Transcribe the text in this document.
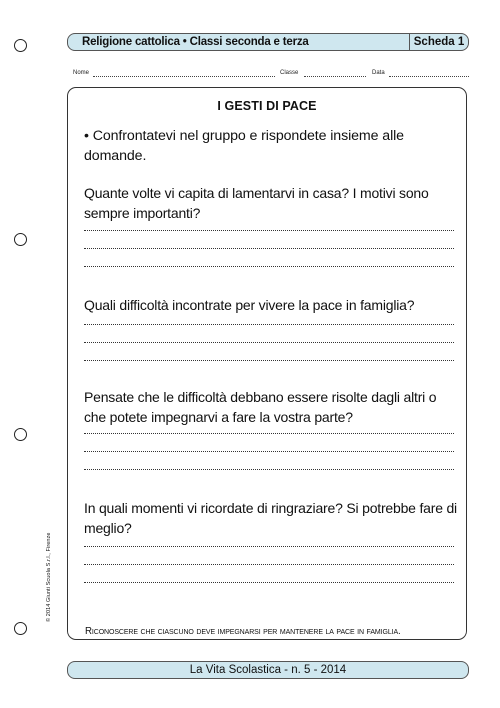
Religione cattolica • Classi seconda e terza	Scheda 1
Nome	Classe	Data
I GESTI DI PACE
• Confrontatevi nel gruppo e rispondete insieme alle domande.
Quante volte vi capita di lamentarvi in casa? I motivi sono sempre importanti?
Quali difficoltà incontrate per vivere la pace in famiglia?
Pensate che le difficoltà debbano essere risolte dagli altri o che potete impegnarvi a fare la vostra parte?
In quali momenti vi ricordate di ringraziare? Si potrebbe fare di meglio?
Riconoscere che ciascuno deve impegnarsi per mantenere la pace in famiglia.
© 2014 Giunti Scuola S.r.l., Firenze
La Vita Scolastica - n. 5 - 2014
